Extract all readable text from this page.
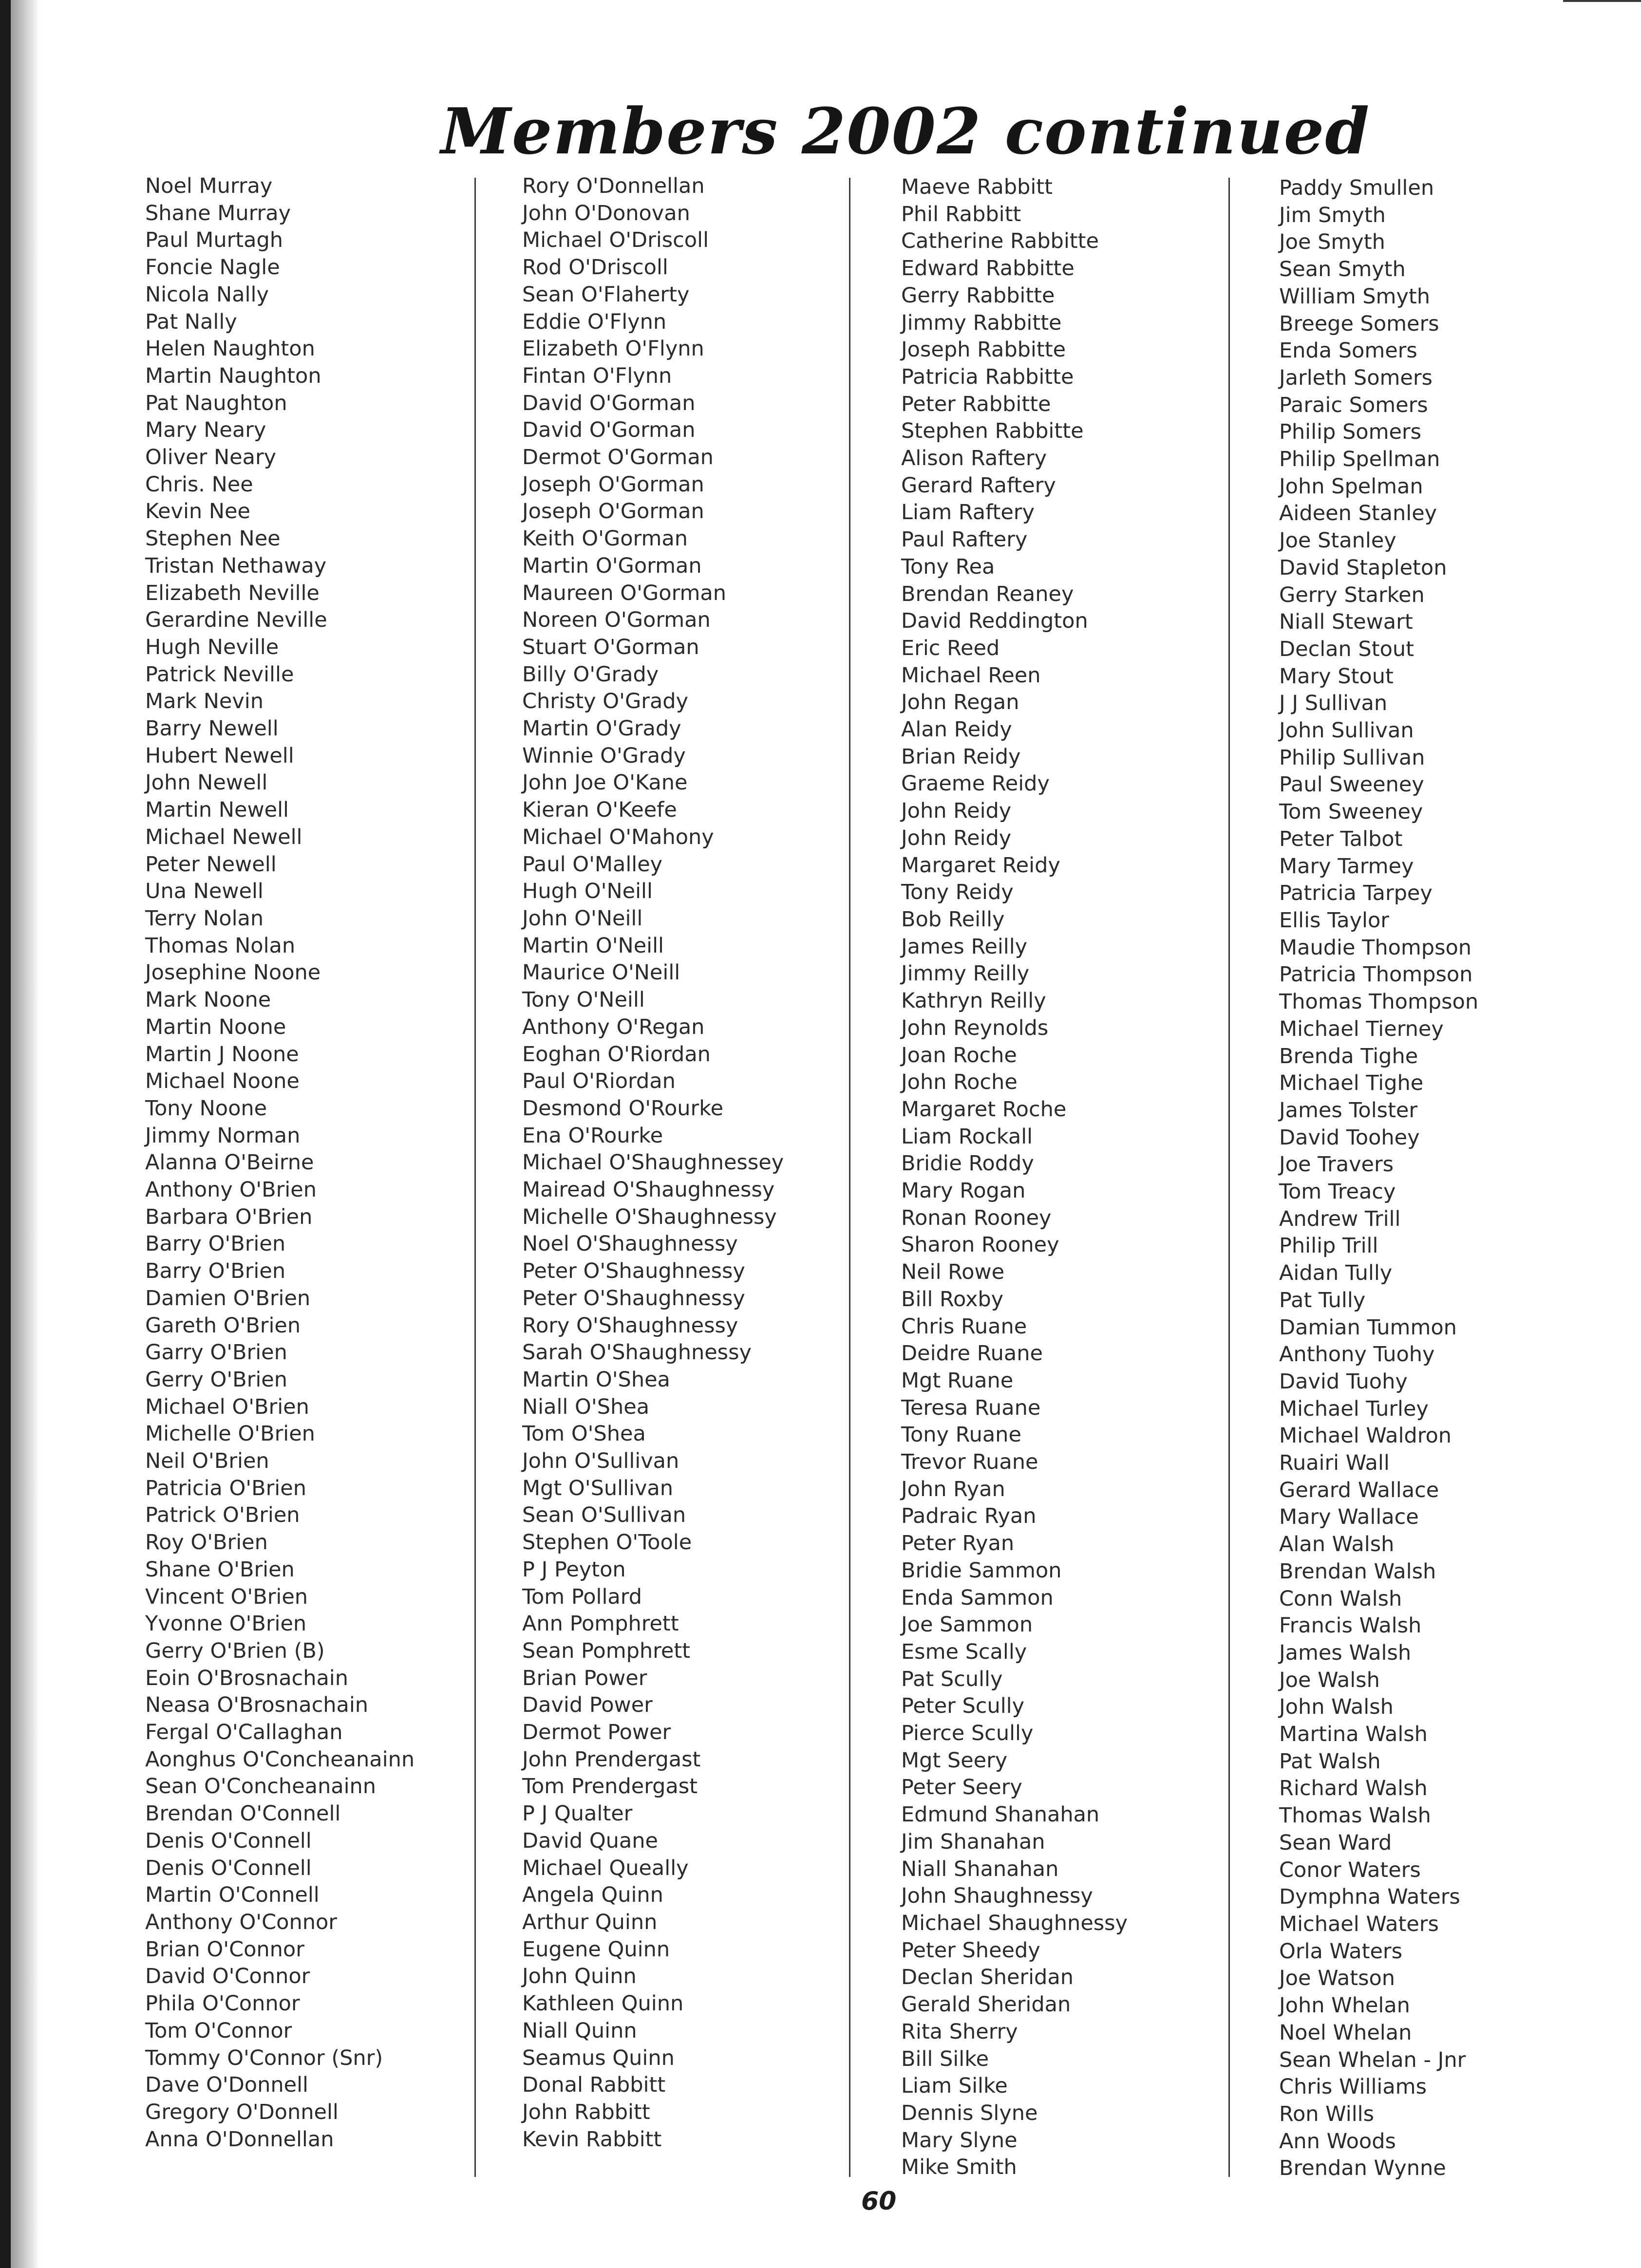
Members 2002 continued
Noel Murray
Shane Murray
Paul Murtagh
Foncie Nagle
Nicola Nally
Pat Nally
Helen Naughton
Martin Naughton
Pat Naughton
Mary Neary
Oliver Neary
Chris. Nee
Kevin Nee
Stephen Nee
Tristan Nethaway
Elizabeth Neville
Gerardine Neville
Hugh Neville
Patrick Neville
Mark Nevin
Barry Newell
Hubert Newell
John Newell
Martin Newell
Michael Newell
Peter Newell
Una Newell
Terry Nolan
Thomas Nolan
Josephine Noone
Mark Noone
Martin Noone
Martin J Noone
Michael Noone
Tony Noone
Jimmy Norman
Alanna O'Beirne
Anthony O'Brien
Barbara O'Brien
Barry O'Brien
Barry O'Brien
Damien O'Brien
Gareth O'Brien
Garry O'Brien
Gerry O'Brien
Michael O'Brien
Michelle O'Brien
Neil O'Brien
Patricia O'Brien
Patrick O'Brien
Roy O'Brien
Shane O'Brien
Vincent O'Brien
Yvonne O'Brien
Gerry O'Brien (B)
Eoin O'Brosnachain
Neasa O'Brosnachain
Fergal O'Callaghan
Aonghus O'Concheanainn
Sean O'Concheanainn
Brendan O'Connell
Denis O'Connell
Denis O'Connell
Martin O'Connell
Anthony O'Connor
Brian O'Connor
David O'Connor
Phila O'Connor
Tom O'Connor
Tommy O'Connor (Snr)
Dave O'Donnell
Gregory O'Donnell
Anna O'Donnellan
Rory O'Donnellan
John O'Donovan
Michael O'Driscoll
Rod O'Driscoll
Sean O'Flaherty
Eddie O'Flynn
Elizabeth O'Flynn
Fintan O'Flynn
David O'Gorman
David O'Gorman
Dermot O'Gorman
Joseph O'Gorman
Joseph O'Gorman
Keith O'Gorman
Martin O'Gorman
Maureen O'Gorman
Noreen O'Gorman
Stuart O'Gorman
Billy O'Grady
Christy O'Grady
Martin O'Grady
Winnie O'Grady
John Joe O'Kane
Kieran O'Keefe
Michael O'Mahony
Paul O'Malley
Hugh O'Neill
John O'Neill
Martin O'Neill
Maurice O'Neill
Tony O'Neill
Anthony O'Regan
Eoghan O'Riordan
Paul O'Riordan
Desmond O'Rourke
Ena O'Rourke
Michael O'Shaughnessey
Mairead O'Shaughnessy
Michelle O'Shaughnessy
Noel O'Shaughnessy
Peter O'Shaughnessy
Peter O'Shaughnessy
Rory O'Shaughnessy
Sarah O'Shaughnessy
Martin O'Shea
Niall O'Shea
Tom O'Shea
John O'Sullivan
Mgt O'Sullivan
Sean O'Sullivan
Stephen O'Toole
P J Peyton
Tom Pollard
Ann Pomphrett
Sean Pomphrett
Brian Power
David Power
Dermot Power
John Prendergast
Tom Prendergast
P J Qualter
David Quane
Michael Queally
Angela Quinn
Arthur Quinn
Eugene Quinn
John Quinn
Kathleen Quinn
Niall Quinn
Seamus Quinn
Donal Rabbitt
John Rabbitt
Kevin Rabbitt
Maeve Rabbitt
Phil Rabbitt
Catherine Rabbitte
Edward Rabbitte
Gerry Rabbitte
Jimmy Rabbitte
Joseph Rabbitte
Patricia Rabbitte
Peter Rabbitte
Stephen Rabbitte
Alison Raftery
Gerard Raftery
Liam Raftery
Paul Raftery
Tony Rea
Brendan Reaney
David Reddington
Eric Reed
Michael Reen
John Regan
Alan Reidy
Brian Reidy
Graeme Reidy
John Reidy
John Reidy
Margaret Reidy
Tony Reidy
Bob Reilly
James Reilly
Jimmy Reilly
Kathryn Reilly
John Reynolds
Joan Roche
John Roche
Margaret Roche
Liam Rockall
Bridie Roddy
Mary Rogan
Ronan Rooney
Sharon Rooney
Neil Rowe
Bill Roxby
Chris Ruane
Deidre Ruane
Mgt Ruane
Teresa Ruane
Tony Ruane
Trevor Ruane
John Ryan
Padraic Ryan
Peter Ryan
Bridie Sammon
Enda Sammon
Joe Sammon
Esme Scally
Pat Scully
Peter Scully
Pierce Scully
Mgt Seery
Peter Seery
Edmund Shanahan
Jim Shanahan
Niall Shanahan
John Shaughnessy
Michael Shaughnessy
Peter Sheedy
Declan Sheridan
Gerald Sheridan
Rita Sherry
Bill Silke
Liam Silke
Dennis Slyne
Mary Slyne
Mike Smith
Paddy Smullen
Jim Smyth
Joe Smyth
Sean Smyth
William Smyth
Breege Somers
Enda Somers
Jarleth Somers
Paraic Somers
Philip Somers
Philip Spellman
John Spelman
Aideen Stanley
Joe Stanley
David Stapleton
Gerry Starken
Niall Stewart
Declan Stout
Mary Stout
J J Sullivan
John Sullivan
Philip Sullivan
Paul Sweeney
Tom Sweeney
Peter Talbot
Mary Tarmey
Patricia Tarpey
Ellis Taylor
Maudie Thompson
Patricia Thompson
Thomas Thompson
Michael Tierney
Brenda Tighe
Michael Tighe
James Tolster
David Toohey
Joe Travers
Tom Treacy
Andrew Trill
Philip Trill
Aidan Tully
Pat Tully
Damian Tummon
Anthony Tuohy
David Tuohy
Michael Turley
Michael Waldron
Ruairi Wall
Gerard Wallace
Mary Wallace
Alan Walsh
Brendan Walsh
Conn Walsh
Francis Walsh
James Walsh
Joe Walsh
John Walsh
Martina Walsh
Pat Walsh
Richard Walsh
Thomas Walsh
Sean Ward
Conor Waters
Dymphna Waters
Michael Waters
Orla Waters
Joe Watson
John Whelan
Noel Whelan
Sean Whelan - Jnr
Chris Williams
Ron Wills
Ann Woods
Brendan Wynne
60
